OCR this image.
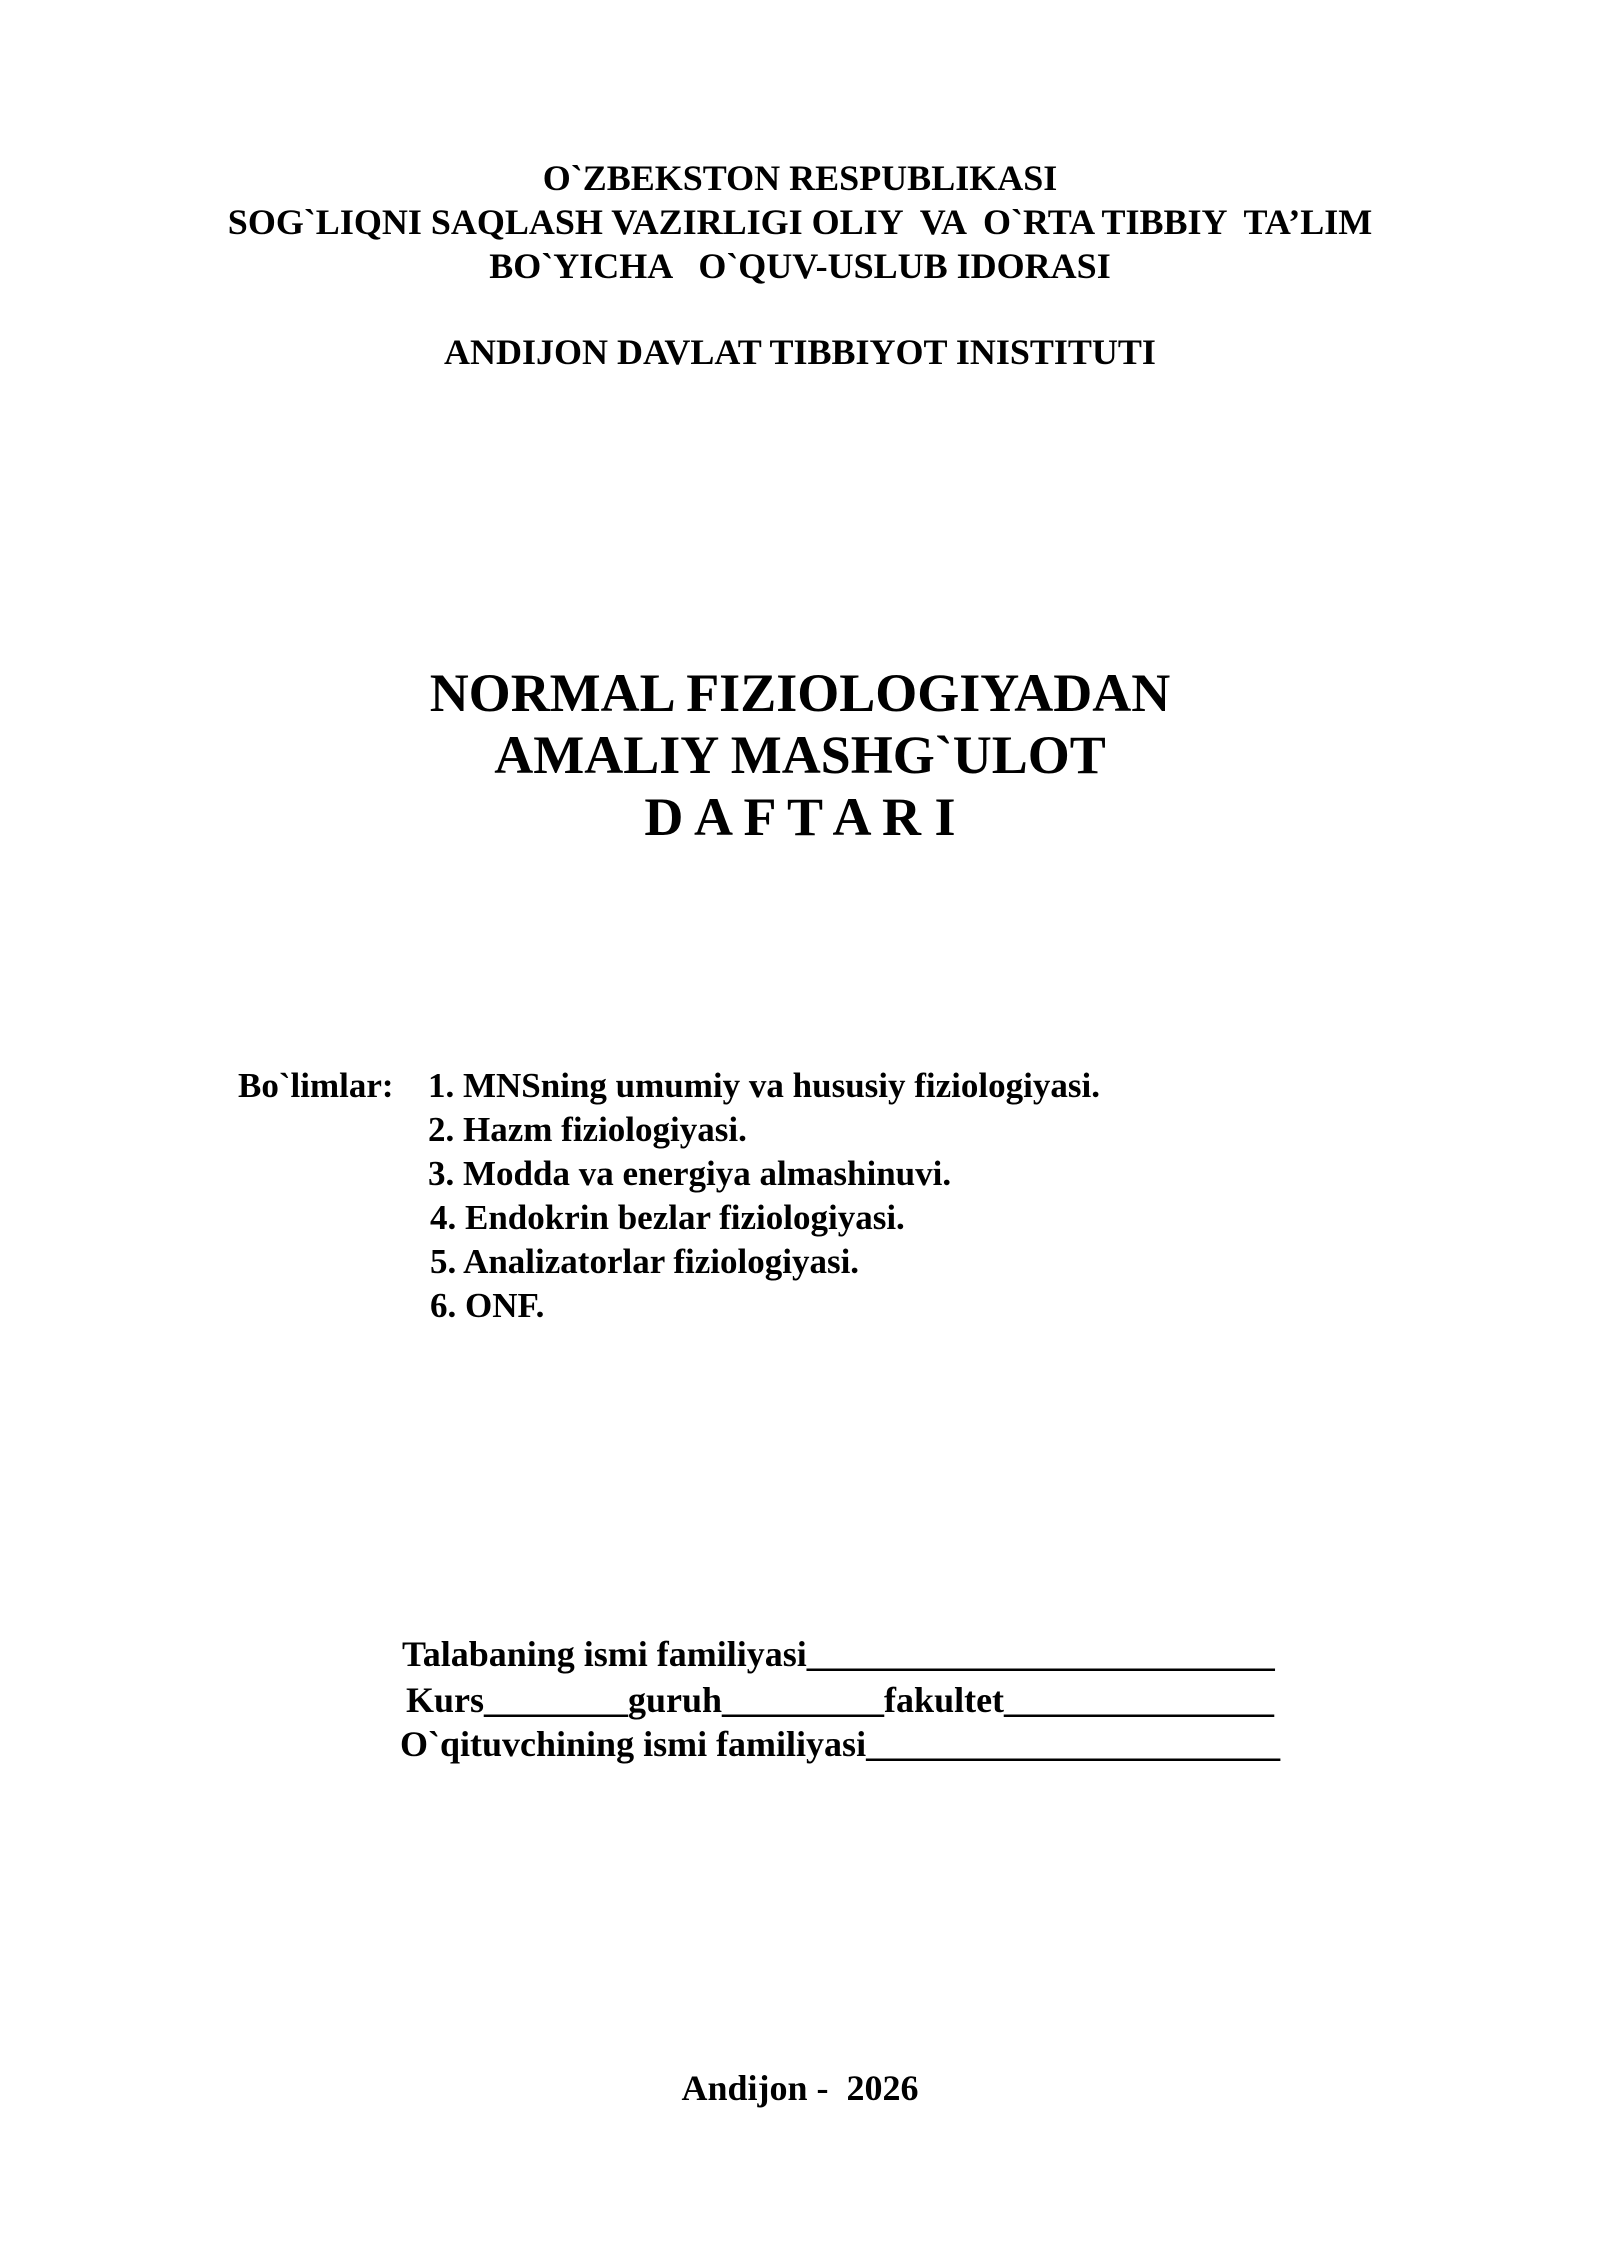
O`ZBEKSTON RESPUBLIKASI
SOG`LIQNI SAQLASH VAZIRLIGI OLIY  VA  O`RTA TIBBIY  TA’LIM
BO`YICHA   O`QUV-USLUB IDORASI
ANDIJON DAVLAT TIBBIYOT INISTITUTI
NORMAL FIZIOLOGIYADAN
AMALIY MASHG`ULOT
D A F T A R I
Bo`limlar: 1. MNSning umumiy va hususiy fiziologiyasi.
2. Hazm fiziologiyasi.
3. Modda va energiya almashinuvi.
4. Endokrin bezlar fiziologiyasi.
5. Analizatorlar fiziologiyasi.
6. ONF.
Talabaning ismi familiyasi__________________________
Kurs________guruh_________fakultet_______________
O`qituvchining ismi familiyasi_______________________
Andijon -  2026
